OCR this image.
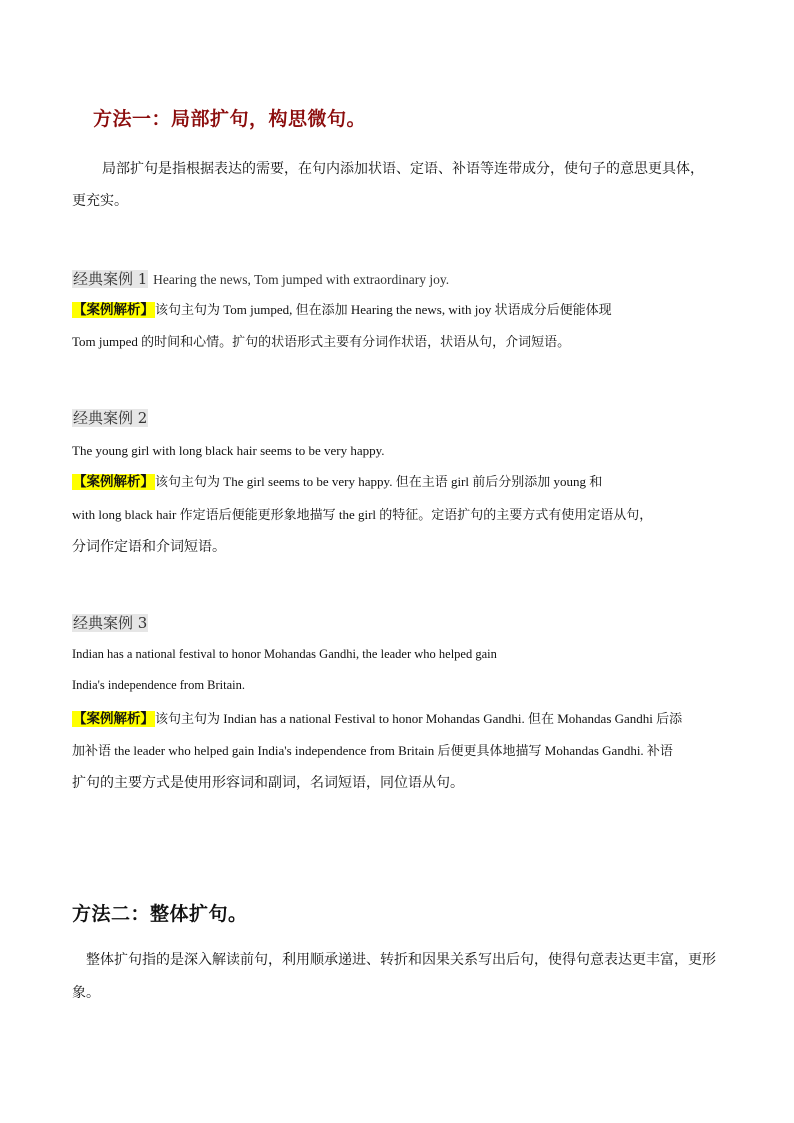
方法一：局部扩句，构思微句。
局部扩句是指根据表达的需要，在句内添加状语、定语、补语等连带成分，使句子的意思更具体，
更充实。
经典案例 1 Hearing the news, Tom jumped with extraordinary joy.
【案例解析】该句主句为 Tom jumped, 但在添加 Hearing the news, with joy 状语成分后便能体现
Tom jumped 的时间和心情。扩句的状语形式主要有分词作状语，状语从句，介词短语。
经典案例 2
The young girl with long black hair seems to be very happy.
【案例解析】该句主句为 The girl seems to be very happy. 但在主语 girl 前后分别添加 young 和
with long black hair 作定语后便能更形象地描写 the girl 的特征。定语扩句的主要方式有使用定语从句，
分词作定语和介词短语。
经典案例 3
Indian has a national festival to honor Mohandas Gandhi, the leader who helped gain
India's independence from Britain.
【案例解析】该句主句为 Indian has a national Festival to honor Mohandas Gandhi. 但在 Mohandas Gandhi 后添
加补语 the leader who helped gain India's independence from Britain 后便更具体地描写 Mohandas Gandhi. 补语
扩句的主要方式是使用形容词和副词，名词短语，同位语从句。
方法二：整体扩句。
整体扩句指的是深入解读前句，利用顺承递进、转折和因果关系写出后句，使得句意表达更丰富，更形
象。
